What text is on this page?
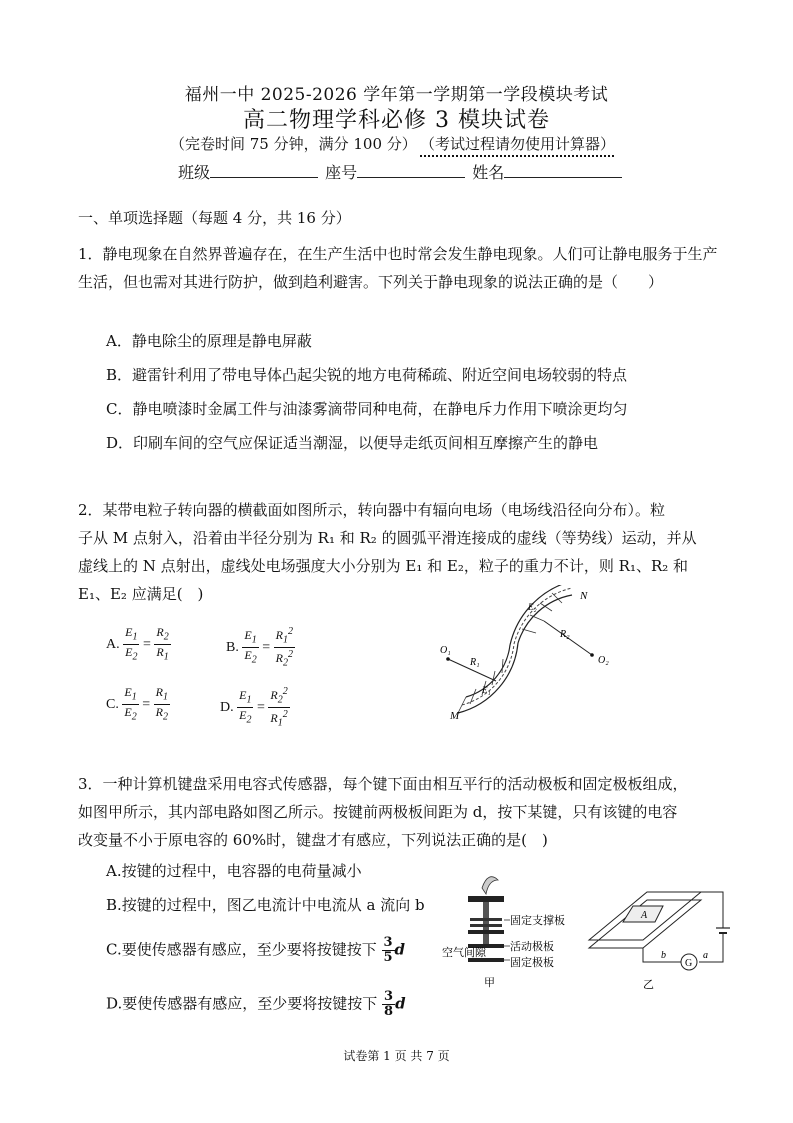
福州一中 2025-2026 学年第一学期第一学段模块考试
高二物理学科必修 3 模块试卷
（完卷时间 75 分钟，满分 100 分） （考试过程请勿使用计算器）
班级	座号	姓名
一、单项选择题（每题 4 分，共 16 分）
1．静电现象在自然界普遍存在，在生产生活中也时常会发生静电现象。人们可让静电服务于生产生活，但也需对其进行防护，做到趋利避害。下列关于静电现象的说法正确的是（　　）
A．静电除尘的原理是静电屏蔽
B．避雷针利用了带电导体凸起尖锐的地方电荷稀疏、附近空间电场较弱的特点
C．静电喷漆时金属工件与油漆雾滴带同种电荷，在静电斥力作用下喷涂更均匀
D．印刷车间的空气应保证适当潮湿，以便导走纸页间相互摩擦产生的静电
2．某带电粒子转向器的横截面如图所示，转向器中有辐向电场（电场线沿径向分布）。粒
子从 M 点射入，沿着由半径分别为 R₁ 和 R₂ 的圆弧平滑连接成的虚线（等势线）运动，并从
虚线上的 N 点射出，虚线处电场强度大小分别为 E₁ 和 E₂，粒子的重力不计，则 R₁、R₂ 和
E₁、E₂ 应满足(　)
A. $\frac{E_1}{E_2} = \frac{R_2}{R_1}$	B. $\frac{E_1}{E_2} = \frac{R_1^2}{R_2^2}$
C. $\frac{E_1}{E_2} = \frac{R_1}{R_2}$	D. $\frac{E_1}{E_2} = \frac{R_2^2}{R_1^2}$
O₁
O₂
R₁
R₂
E₁
E₂
M
N
3．一种计算机键盘采用电容式传感器，每个键下面由相互平行的活动极板和固定极板组成，
如图甲所示，其内部电路如图乙所示。按键前两极板间距为 d，按下某键，只有该键的电容
改变量不小于原电容的 60%时，键盘才有感应，下列说法正确的是(　)
A.按键的过程中，电容器的电荷量减小
B.按键的过程中，图乙电流计中电流从 a 流向 b
C.要使传感器有感应，至少要将按键按下 $\frac{3}{5}$ d
D.要使传感器有感应，至少要将按键按下 $\frac{3}{8}$ d
固定支撑板
活动极板
空气间隙
固定极板
甲
A
G
b	a
乙
试卷第 1 页 共 7 页
